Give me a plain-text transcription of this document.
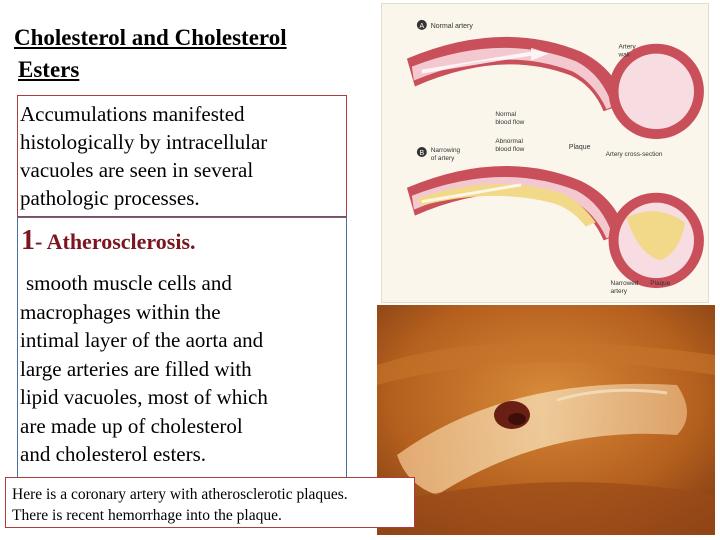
Cholesterol and Cholesterol
Esters

Accumulations manifested
histologically by intracellular
vacuoles are seen in several
pathologic processes.

1- Atherosclerosis.

smooth muscle cells and
macrophages within the
intimal layer of the aorta and
large arteries are filled with
lipid vacuoles, most of which
are made up of cholesterol
and cholesterol esters.

A Normal artery
Artery
wall
Normal
blood flow
B Narrowing
of artery
Abnormal
blood flow	Plaque
Artery cross-section
Narrowed
artery
Plaque
Here is a coronary artery with atherosclerotic plaques.
There is recent hemorrhage into the plaque.
